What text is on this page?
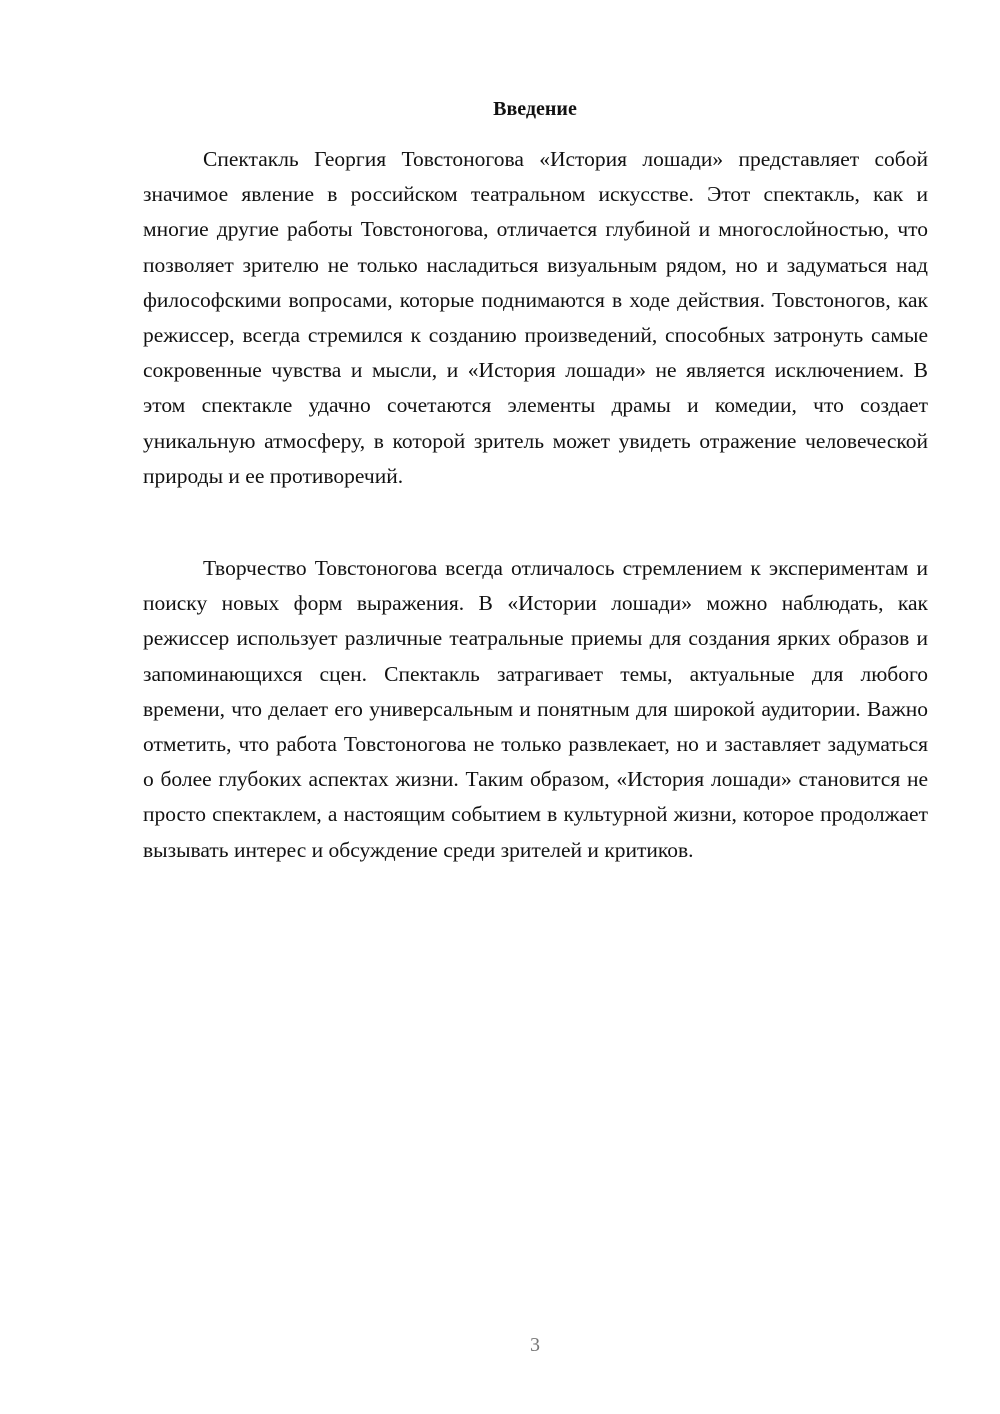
Введение

Спектакль Георгия Товстоногова «История лошади» представляет собой значимое явление в российском театральном искусстве. Этот спектакль, как и многие другие работы Товстоногова, отличается глубиной и многослойностью, что позволяет зрителю не только насладиться визуальным рядом, но и задуматься над философскими вопросами, которые поднимаются в ходе действия. Товстоногов, как режиссер, всегда стремился к созданию произведений, способных затронуть самые сокровенные чувства и мысли, и «История лошади» не является исключением. В этом спектакле удачно сочетаются элементы драмы и комедии, что создает уникальную атмосферу, в которой зритель может увидеть отражение человеческой природы и ее противоречий.

Творчество Товстоногова всегда отличалось стремлением к экспериментам и поиску новых форм выражения. В «Истории лошади» можно наблюдать, как режиссер использует различные театральные приемы для создания ярких образов и запоминающихся сцен. Спектакль затрагивает темы, актуальные для любого времени, что делает его универсальным и понятным для широкой аудитории. Важно отметить, что работа Товстоногова не только развлекает, но и заставляет задуматься о более глубоких аспектах жизни. Таким образом, «История лошади» становится не просто спектаклем, а настоящим событием в культурной жизни, которое продолжает вызывать интерес и обсуждение среди зрителей и критиков.

3
